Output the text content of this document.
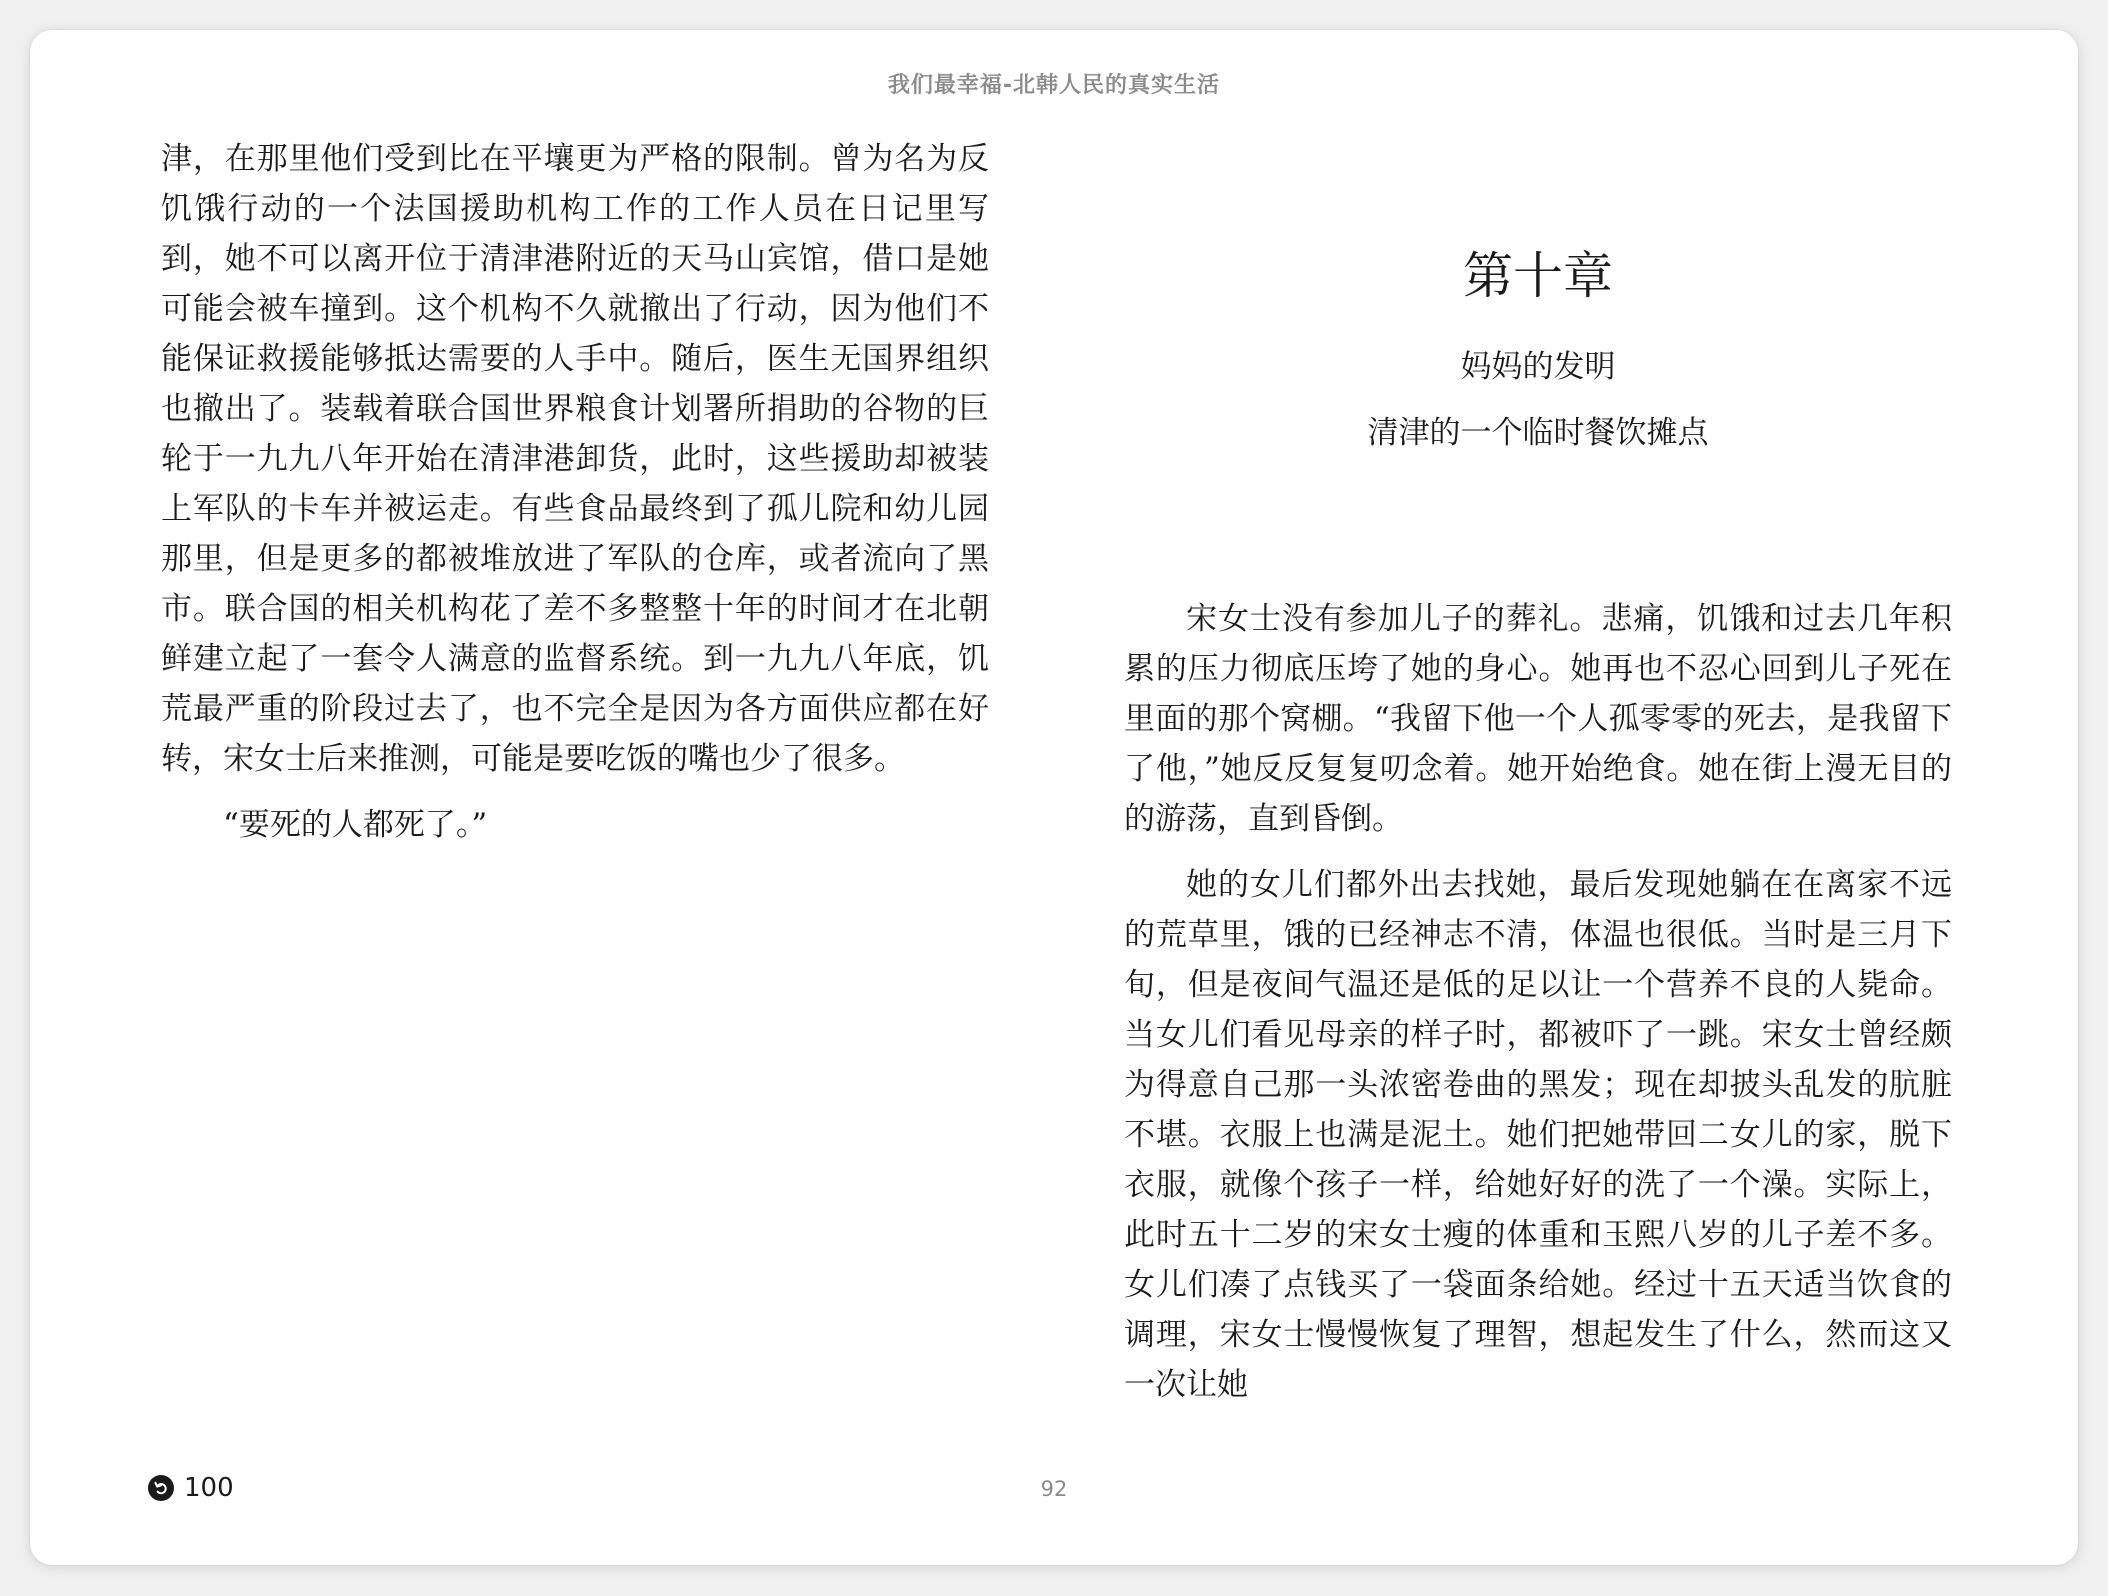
我们最幸福-北韩人民的真实生活

津，在那里他们受到比在平壤更为严格的限制。曾为名为反饥饿行动的一个法国援助机构工作的工作人员在日记里写到，她不可以离开位于清津港附近的天马山宾馆，借口是她可能会被车撞到。这个机构不久就撤出了行动，因为他们不能保证救援能够抵达需要的人手中。随后，医生无国界组织也撤出了。装载着联合国世界粮食计划署所捐助的谷物的巨轮于一九九八年开始在清津港卸货，此时，这些援助却被装上军队的卡车并被运走。有些食品最终到了孤儿院和幼儿园那里，但是更多的都被堆放进了军队的仓库，或者流向了黑市。联合国的相关机构花了差不多整整十年的时间才在北朝鲜建立起了一套令人满意的监督系统。到一九九八年底，饥荒最严重的阶段过去了，也不完全是因为各方面供应都在好转，宋女士后来推测，可能是要吃饭的嘴也少了很多。

“要死的人都死了。”

第十章
妈妈的发明
清津的一个临时餐饮摊点

宋女士没有参加儿子的葬礼。悲痛，饥饿和过去几年积累的压力彻底压垮了她的身心。她再也不忍心回到儿子死在里面的那个窝棚。“我留下他一个人孤零零的死去，是我留下了他，”她反反复复叨念着。她开始绝食。她在街上漫无目的的游荡，直到昏倒。

她的女儿们都外出去找她，最后发现她躺在在离家不远的荒草里，饿的已经神志不清，体温也很低。当时是三月下旬，但是夜间气温还是低的足以让一个营养不良的人毙命。当女儿们看见母亲的样子时，都被吓了一跳。宋女士曾经颇为得意自己那一头浓密卷曲的黑发；现在却披头乱发的肮脏不堪。衣服上也满是泥土。她们把她带回二女儿的家，脱下衣服，就像个孩子一样，给她好好的洗了一个澡。实际上，此时五十二岁的宋女士瘦的体重和玉熙八岁的儿子差不多。女儿们凑了点钱买了一袋面条给她。经过十五天适当饮食的调理，宋女士慢慢恢复了理智，想起发生了什么，然而这又一次让她

100	92
